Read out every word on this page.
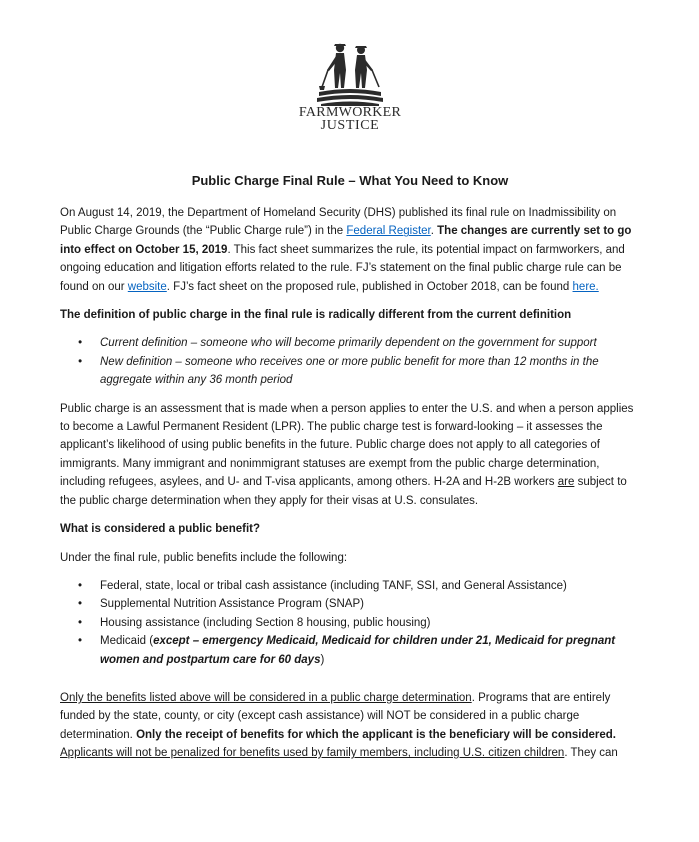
FARMWORKER
JUSTICE
Public Charge Final Rule – What You Need to Know

On August 14, 2019, the Department of Homeland Security (DHS) published its final rule on Inadmissibility on Public Charge Grounds (the “Public Charge rule”) in the Federal Register. The changes are currently set to go into effect on October 15, 2019. This fact sheet summarizes the rule, its potential impact on farmworkers, and ongoing education and litigation efforts related to the rule. FJ’s statement on the final public charge rule can be found on our website. FJ’s fact sheet on the proposed rule, published in October 2018, can be found here.

The definition of public charge in the final rule is radically different from the current definition

• Current definition – someone who will become primarily dependent on the government for support
• New definition – someone who receives one or more public benefit for more than 12 months in the aggregate within any 36 month period

Public charge is an assessment that is made when a person applies to enter the U.S. and when a person applies to become a Lawful Permanent Resident (LPR). The public charge test is forward-looking – it assesses the applicant’s likelihood of using public benefits in the future. Public charge does not apply to all categories of immigrants. Many immigrant and nonimmigrant statuses are exempt from the public charge determination, including refugees, asylees, and U- and T-visa applicants, among others. H-2A and H-2B workers are subject to the public charge determination when they apply for their visas at U.S. consulates.

What is considered a public benefit?

Under the final rule, public benefits include the following:

• Federal, state, local or tribal cash assistance (including TANF, SSI, and General Assistance)
• Supplemental Nutrition Assistance Program (SNAP)
• Housing assistance (including Section 8 housing, public housing)
• Medicaid (except – emergency Medicaid, Medicaid for children under 21, Medicaid for pregnant women and postpartum care for 60 days)

Only the benefits listed above will be considered in a public charge determination. Programs that are entirely funded by the state, county, or city (except cash assistance) will NOT be considered in a public charge determination. Only the receipt of benefits for which the applicant is the beneficiary will be considered. Applicants will not be penalized for benefits used by family members, including U.S. citizen children. They can
